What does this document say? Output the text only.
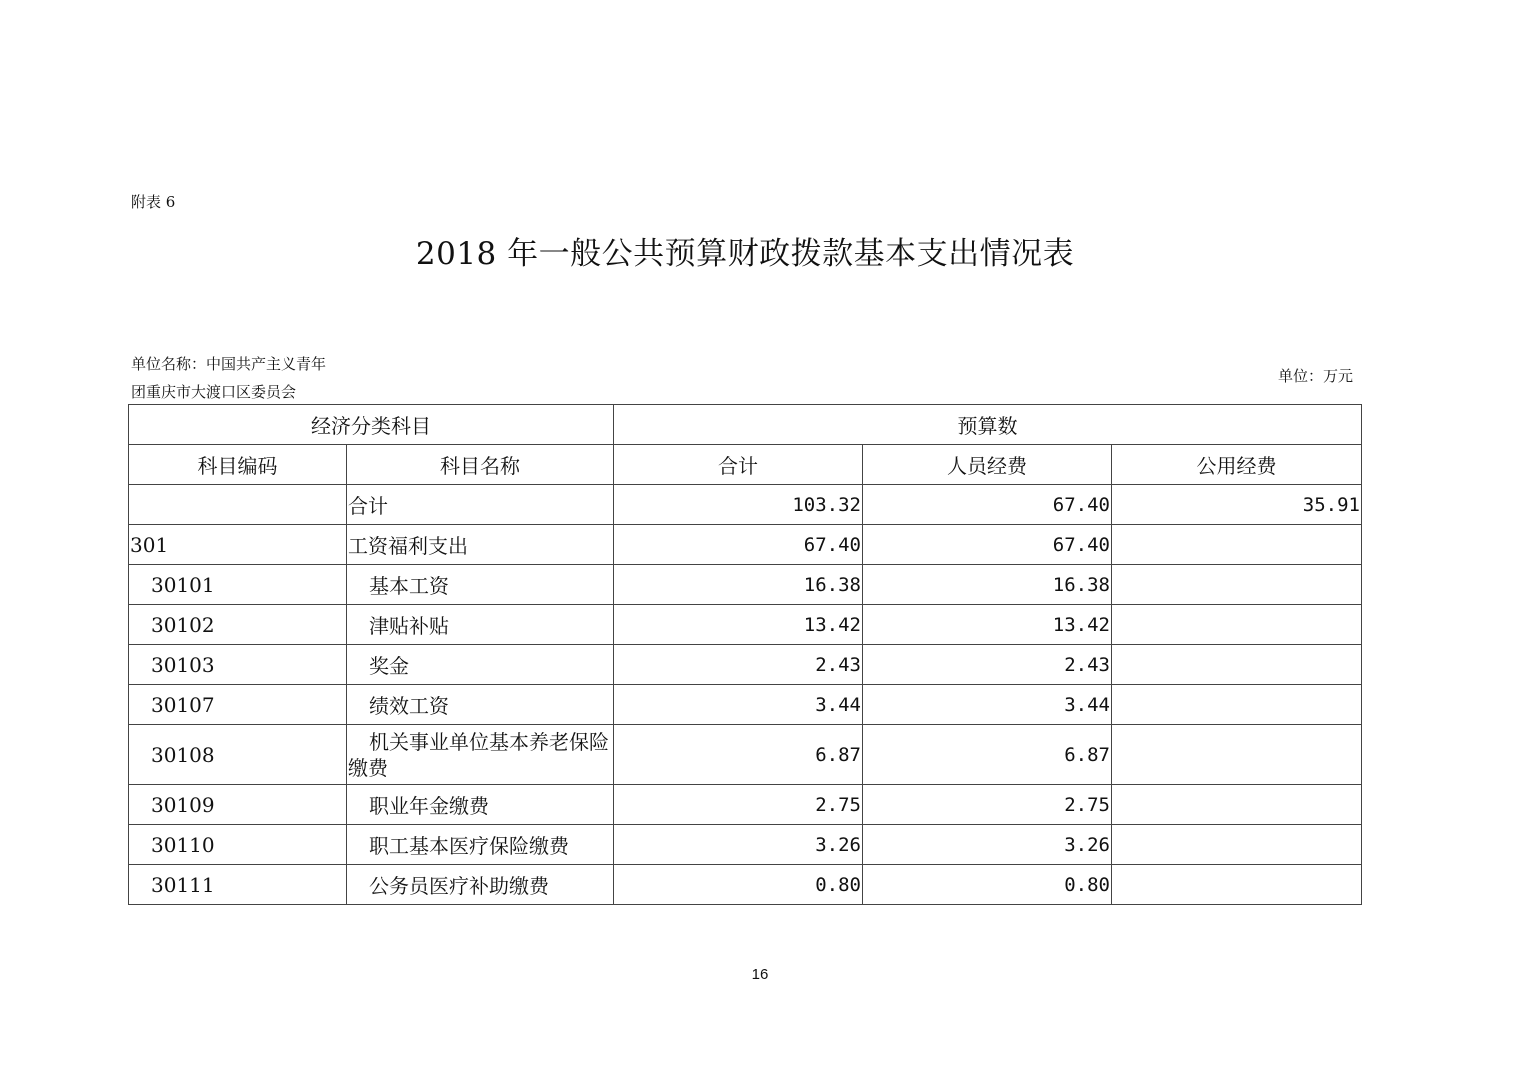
附表 6
2018 年一般公共预算财政拨款基本支出情况表
单位名称：中国共产主义青年
团重庆市大渡口区委员会
单位：万元
经济分类科目		预算数		
科目编码	科目名称	合计	人员经费	公用经费
	合计	103.32	67.40	35.91
301	工资福利支出	67.40	67.40	
30101	基本工资	16.38	16.38	
30102	津贴补贴	13.42	13.42	
30103	奖金	2.43	2.43	
30107	绩效工资	3.44	3.44	
30108	机关事业单位基本养老保险缴费	6.87	6.87	
30109	职业年金缴费	2.75	2.75	
30110	职工基本医疗保险缴费	3.26	3.26	
30111	公务员医疗补助缴费	0.80	0.80	
16
